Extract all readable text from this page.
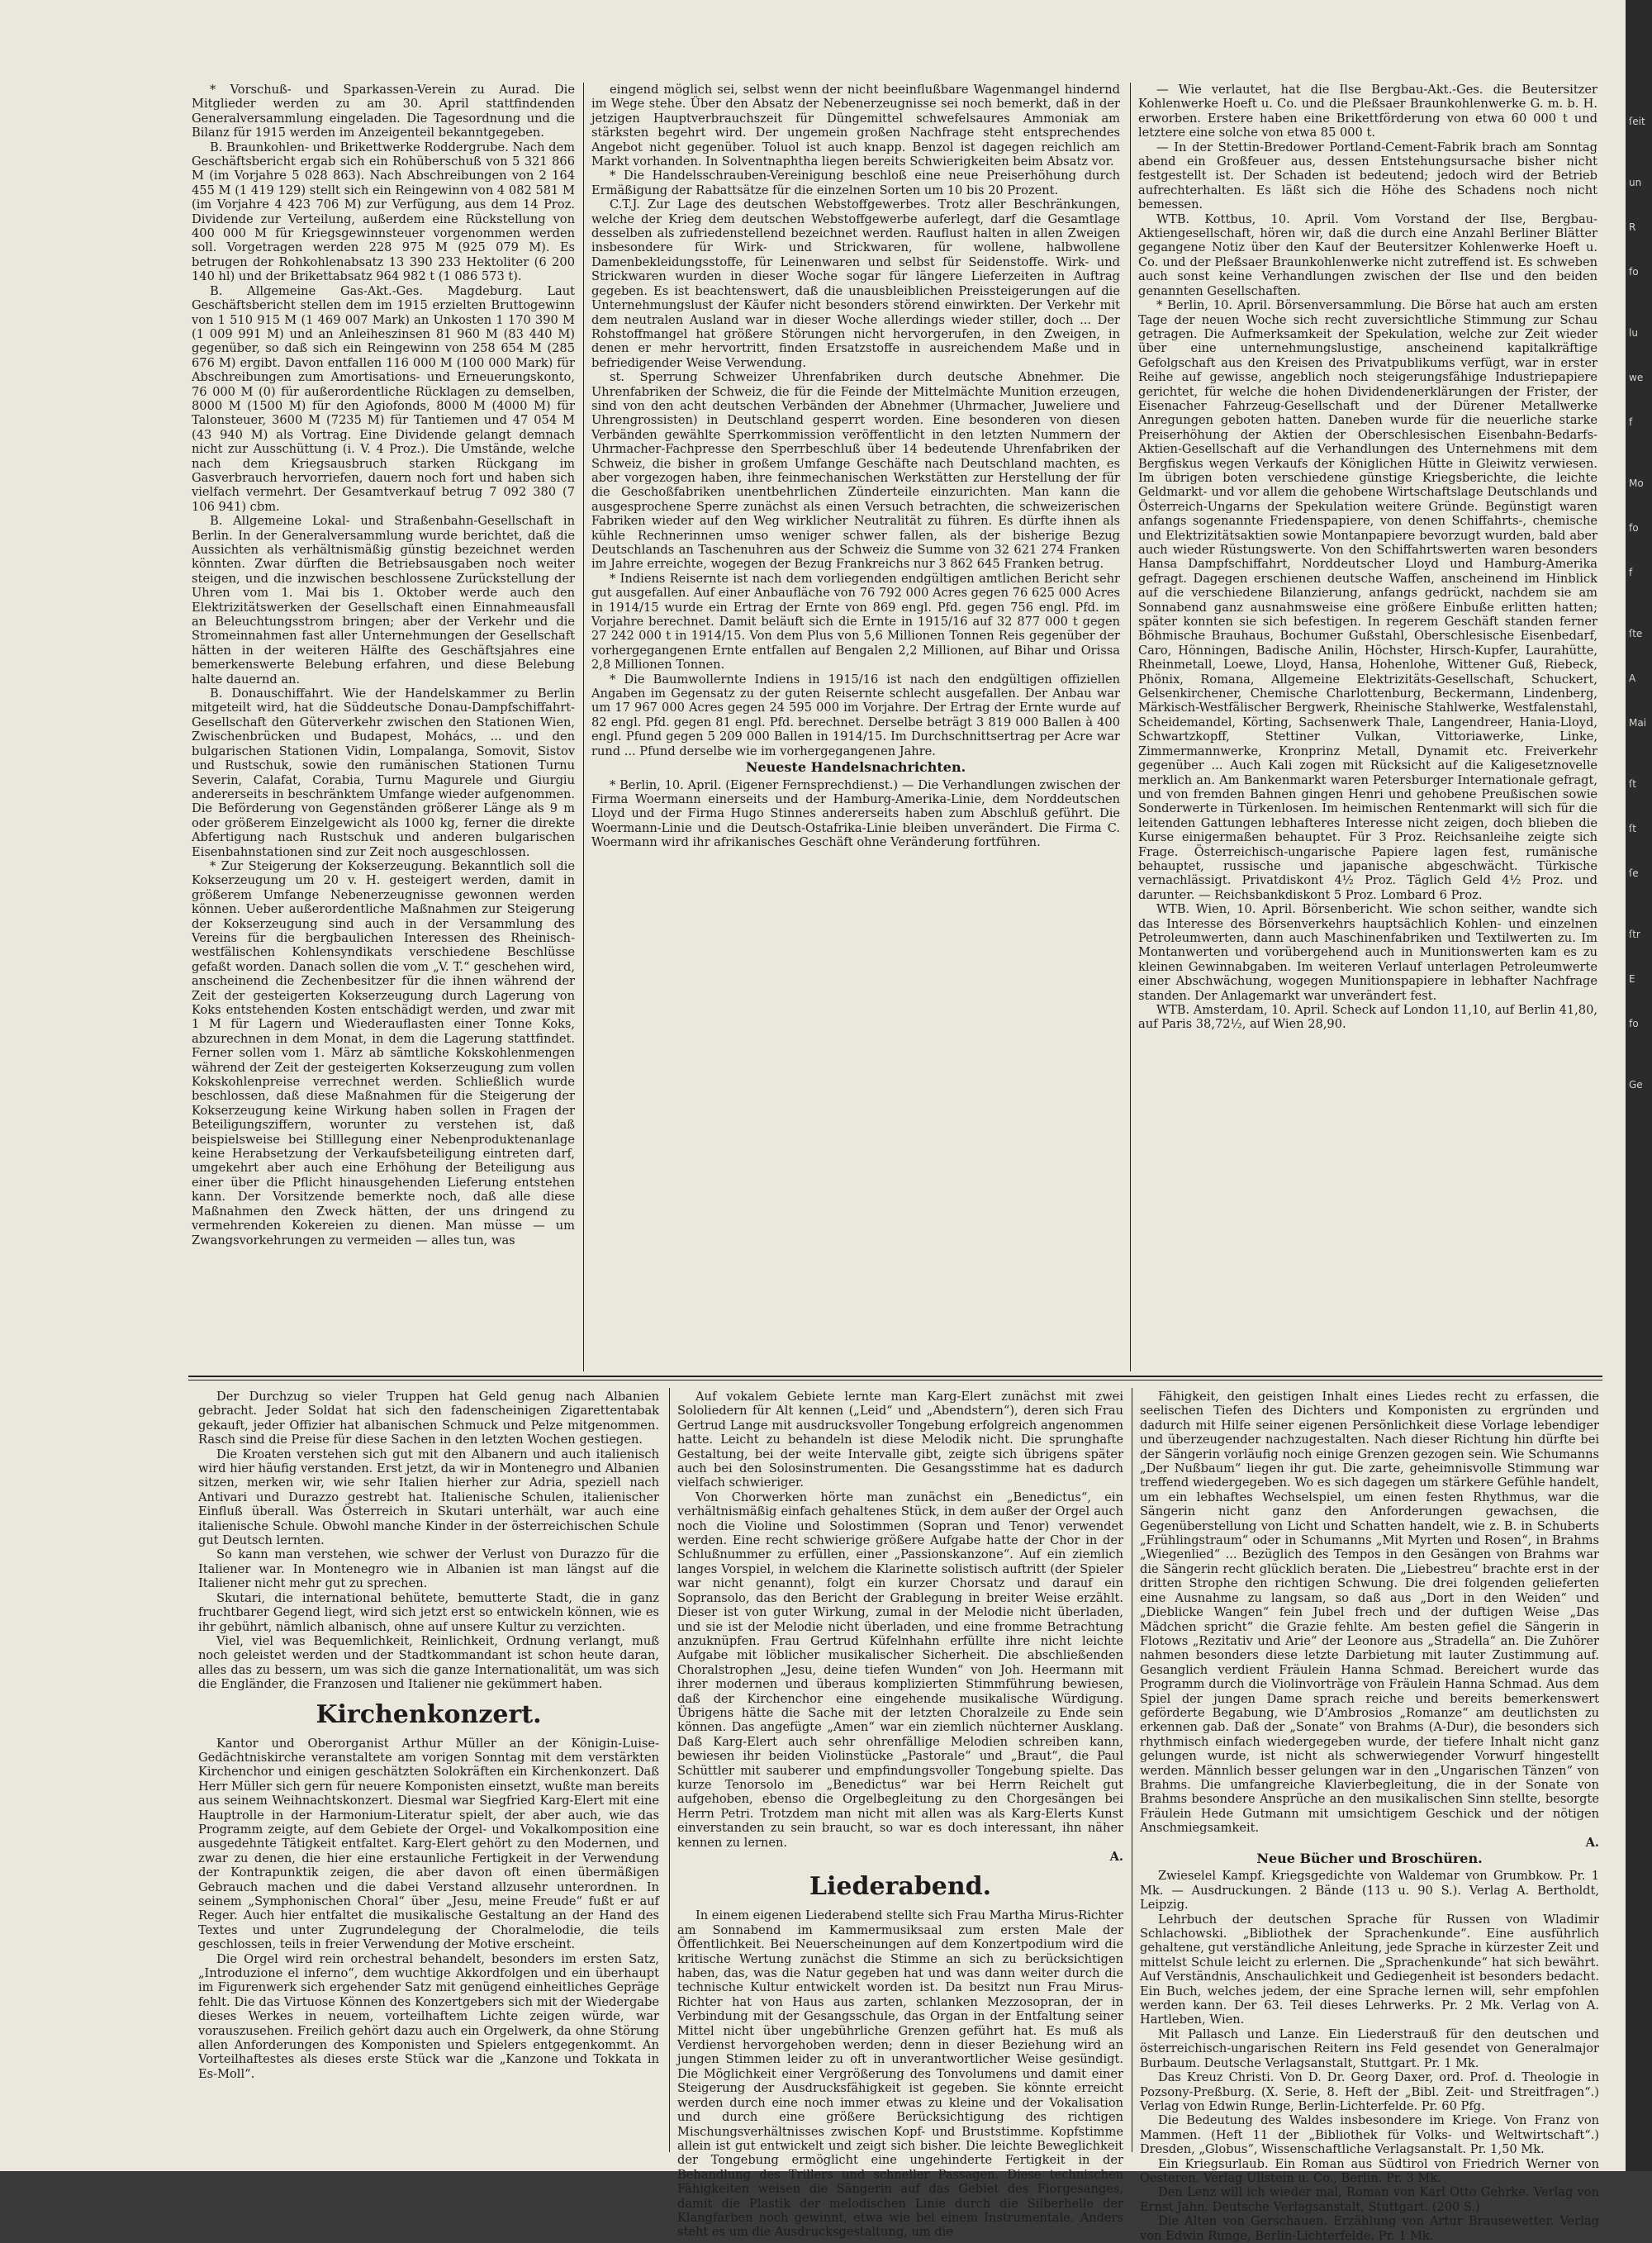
* Vorschuß- und Sparkassen-Verein zu Aurad. Die Mitglieder werden zu am 30. April stattfindenden Generalversammlung eingeladen. Die Tagesordnung und die Bilanz für 1915 werden im Anzeigenteil bekanntgegeben.

B. Braunkohlen- und Brikettwerke Roddergrube. Nach dem Geschäftsbericht ergab sich ein Rohüberschuß von 5 321 866 M (im Vorjahre 5 028 863). Nach Abschreibungen von 2 164 455 M (1 419 129) stellt sich ein Reingewinn von 4 082 581 M (im Vorjahre 4 423 706 M) zur Verfügung, aus dem 14 Proz. Dividende zur Verteilung, außerdem eine Rückstellung von 400 000 M für Kriegsgewinnsteuer vorgenommen werden soll. Vorgetragen werden 228 975 M (925 079 M). Es betrugen der Rohkohlenabsatz 13 390 233 Hektoliter (6 200 140 hl) und der Brikettabsatz 964 982 t (1 086 573 t).

B. Allgemeine Gas-Akt.-Ges. Magdeburg. Laut Geschäftsbericht stellen dem im 1915 erzielten Bruttogewinn von 1 510 915 M (1 469 007 Mark) an Unkosten 1 170 390 M (1 009 991 M) und an Anleiheszinsen 81 960 M (83 440 M) gegenüber, so daß sich ein Reingewinn von 258 654 M (285 676 M) ergibt. Davon entfallen 116 000 M (100 000 Mark) für Abschreibungen zum Amortisations- und Erneuerungskonto, 76 000 M (0) für außerordentliche Rücklagen zu demselben, 8000 M (1500 M) für den Agiofonds, 8000 M (4000 M) für Talonsteuer, 3600 M (7235 M) für Tantiemen und 47 054 M (43 940 M) als Vortrag. Eine Dividende gelangt demnach nicht zur Ausschüttung (i. V. 4 Proz.). Die Umstände, welche nach dem Kriegsausbruch starken Rückgang im Gasverbrauch hervorriefen, dauern noch fort und haben sich vielfach vermehrt. Der Gesamtverkauf betrug 7 092 380 (7 106 941) cbm.

B. Allgemeine Lokal- und Straßenbahn-Gesellschaft in Berlin. In der Generalversammlung wurde berichtet, daß die Aussichten als verhältnismäßig günstig bezeichnet werden könnten. Zwar dürften die Betriebsausgaben noch weiter steigen, und die inzwischen beschlossene Zurückstellung der Uhren vom 1. Mai bis 1. Oktober werde auch den Elektrizitätswerken der Gesellschaft einen Einnahmeausfall an Beleuchtungsstrom bringen; aber der Verkehr und die Stromeinnahmen fast aller Unternehmungen der Gesellschaft hätten in der weiteren Hälfte des Geschäftsjahres eine bemerkenswerte Belebung erfahren, und diese Belebung halte dauernd an.

B. Donauschiffahrt. Wie der Handelskammer zu Berlin mitgeteilt wird, hat die Süddeutsche Donau-Dampfschiffahrt-Gesellschaft den Güterverkehr zwischen den Stationen Wien, Zwischenbrücken und Budapest, Mohács, ... und den bulgarischen Stationen Vidin, Lompalanga, Somovit, Sistov und Rustschuk, sowie den rumänischen Stationen Turnu Severin, Calafat, Corabia, Turnu Magurele und Giurgiu andererseits in beschränktem Umfange wieder aufgenommen. Die Beförderung von Gegenständen größerer Länge als 9 m oder größerem Einzelgewicht als 1000 kg, ferner die direkte Abfertigung nach Rustschuk und anderen bulgarischen Eisenbahnstationen sind zur Zeit noch ausgeschlossen.

* Zur Steigerung der Kokserzeugung. Bekanntlich soll die Kokserzeugung um 20 v. H. gesteigert werden, damit in größerem Umfange Nebenerzeugnisse gewonnen werden können. Ueber außerordentliche Maßnahmen zur Steigerung der Kokserzeugung sind auch in der Versammlung des Vereins für die bergbaulichen Interessen des Rheinisch-westfälischen Kohlensyndikats verschiedene Beschlüsse gefaßt worden. Danach sollen die vom „V. T.“ geschehen wird, anscheinend die Zechenbesitzer für die ihnen während der Zeit der gesteigerten Kokserzeugung durch Lagerung von Koks entstehenden Kosten entschädigt werden, und zwar mit 1 M für Lagern und Wiederauflasten einer Tonne Koks, abzurechnen in dem Monat, in dem die Lagerung stattfindet. Ferner sollen vom 1. März ab sämtliche Kokskohlenmengen während der Zeit der gesteigerten Kokserzeugung zum vollen Kokskohlenpreise verrechnet werden. Schließlich wurde beschlossen, daß diese Maßnahmen für die Steigerung der Kokserzeugung keine Wirkung haben sollen in Fragen der Beteiligungsziffern, worunter zu verstehen ist, daß beispielsweise bei Stilllegung einer Nebenproduktenanlage keine Herabsetzung der Verkaufsbeteiligung eintreten darf, umgekehrt aber auch eine Erhöhung der Beteiligung aus einer über die Pflicht hinausgehenden Lieferung entstehen kann. Der Vorsitzende bemerkte noch, daß alle diese Maßnahmen den Zweck hätten, der uns dringend zu vermehrenden Kokereien zu dienen. Man müsse — um Zwangsvorkehrungen zu vermeiden — alles tun, was

eingend möglich sei, selbst wenn der nicht beeinflußbare Wagenmangel hindernd im Wege stehe. Über den Absatz der Nebenerzeugnisse sei noch bemerkt, daß in der jetzigen Hauptverbrauchszeit für Düngemittel schwefelsaures Ammoniak am stärksten begehrt wird. Der ungemein großen Nachfrage steht entsprechendes Angebot nicht gegenüber. Toluol ist auch knapp. Benzol ist dagegen reichlich am Markt vorhanden. In Solventnaphtha liegen bereits Schwierigkeiten beim Absatz vor.

* Die Handelsschrauben-Vereinigung beschloß eine neue Preiserhöhung durch Ermäßigung der Rabattsätze für die einzelnen Sorten um 10 bis 20 Prozent.

C.T.J. Zur Lage des deutschen Webstoffgewerbes. Trotz aller Beschränkungen, welche der Krieg dem deutschen Webstoffgewerbe auferlegt, darf die Gesamtlage desselben als zufriedenstellend bezeichnet werden. Rauflust halten in allen Zweigen insbesondere für Wirk- und Strickwaren, für wollene, halbwollene Damenbekleidungsstoffe, für Leinenwaren und selbst für Seidenstoffe. Wirk- und Strickwaren wurden in dieser Woche sogar für längere Lieferzeiten in Auftrag gegeben. Es ist beachtenswert, daß die unausbleiblichen Preissteigerungen auf die Unternehmungslust der Käufer nicht besonders störend einwirkten. Der Verkehr mit dem neutralen Ausland war in dieser Woche allerdings wieder stiller, doch ... Der Rohstoffmangel hat größere Störungen nicht hervorgerufen, in den Zweigen, in denen er mehr hervortritt, finden Ersatzstoffe in ausreichendem Maße und in befriedigender Weise Verwendung.

st. Sperrung Schweizer Uhrenfabriken durch deutsche Abnehmer. Die Uhrenfabriken der Schweiz, die für die Feinde der Mittelmächte Munition erzeugen, sind von den acht deutschen Verbänden der Abnehmer (Uhrmacher, Juweliere und Uhrengrossisten) in Deutschland gesperrt worden. Eine besonderen von diesen Verbänden gewählte Sperrkommission veröffentlicht in den letzten Nummern der Uhrmacher-Fachpresse den Sperrbeschluß über 14 bedeutende Uhrenfabriken der Schweiz, die bisher in großem Umfange Geschäfte nach Deutschland machten, es aber vorgezogen haben, ihre feinmechanischen Werkstätten zur Herstellung der für die Geschoßfabriken unentbehrlichen Zünderteile einzurichten. Man kann die ausgesprochene Sperre zunächst als einen Versuch betrachten, die schweizerischen Fabriken wieder auf den Weg wirklicher Neutralität zu führen. Es dürfte ihnen als kühle Rechnerinnen umso weniger schwer fallen, als der bisherige Bezug Deutschlands an Taschenuhren aus der Schweiz die Summe von 32 621 274 Franken im Jahre erreichte, wogegen der Bezug Frankreichs nur 3 862 645 Franken betrug.

* Indiens Reisernte ist nach dem vorliegenden endgültigen amtlichen Bericht sehr gut ausgefallen. Auf einer Anbaufläche von 76 792 000 Acres gegen 76 625 000 Acres in 1914/15 wurde ein Ertrag der Ernte von 869 engl. Pfd. gegen 756 engl. Pfd. im Vorjahre berechnet. Damit beläuft sich die Ernte in 1915/16 auf 32 877 000 t gegen 27 242 000 t in 1914/15. Von dem Plus von 5,6 Millionen Tonnen Reis gegenüber der vorhergegangenen Ernte entfallen auf Bengalen 2,2 Millionen, auf Bihar und Orissa 2,8 Millionen Tonnen.

* Die Baumwollernte Indiens in 1915/16 ist nach den endgültigen offiziellen Angaben im Gegensatz zu der guten Reisernte schlecht ausgefallen. Der Anbau war um 17 967 000 Acres gegen 24 595 000 im Vorjahre. Der Ertrag der Ernte wurde auf 82 engl. Pfd. gegen 81 engl. Pfd. berechnet. Derselbe beträgt 3 819 000 Ballen à 400 engl. Pfund gegen 5 209 000 Ballen in 1914/15. Im Durchschnittsertrag per Acre war rund ... Pfund derselbe wie im vorhergegangenen Jahre.

Neueste Handelsnachrichten.

* Berlin, 10. April. (Eigener Fernsprechdienst.) — Die Verhandlungen zwischen der Firma Woermann einerseits und der Hamburg-Amerika-Linie, dem Norddeutschen Lloyd und der Firma Hugo Stinnes andererseits haben zum Abschluß geführt. Die Woermann-Linie und die Deutsch-Ostafrika-Linie bleiben unverändert. Die Firma C. Woermann wird ihr afrikanisches Geschäft ohne Veränderung fortführen.

— Wie verlautet, hat die Ilse Bergbau-Akt.-Ges. die Beutersitzer Kohlenwerke Hoeft u. Co. und die Pleßsaer Braunkohlenwerke G. m. b. H. erworben. Erstere haben eine Brikettförderung von etwa 60 000 t und letztere eine solche von etwa 85 000 t.

— In der Stettin-Bredower Portland-Cement-Fabrik brach am Sonntag abend ein Großfeuer aus, dessen Entstehungsursache bisher nicht festgestellt ist. Der Schaden ist bedeutend; jedoch wird der Betrieb aufrechterhalten. Es läßt sich die Höhe des Schadens noch nicht bemessen.

WTB. Kottbus, 10. April. Vom Vorstand der Ilse, Bergbau-Aktiengesellschaft, hören wir, daß die durch eine Anzahl Berliner Blätter gegangene Notiz über den Kauf der Beutersitzer Kohlenwerke Hoeft u. Co. und der Pleßsaer Braunkohlenwerke nicht zutreffend ist. Es schweben auch sonst keine Verhandlungen zwischen der Ilse und den beiden genannten Gesellschaften.

* Berlin, 10. April. Börsenversammlung. Die Börse hat auch am ersten Tage der neuen Woche sich recht zuversichtliche Stimmung zur Schau getragen. Die Aufmerksamkeit der Spekulation, welche zur Zeit wieder über eine unternehmungslustige, anscheinend kapitalkräftige Gefolgschaft aus den Kreisen des Privatpublikums verfügt, war in erster Reihe auf gewisse, angeblich noch steigerungsfähige Industriepapiere gerichtet, für welche die hohen Dividendenerklärungen der Frister, der Eisenacher Fahrzeug-Gesellschaft und der Dürener Metallwerke Anregungen geboten hatten. Daneben wurde für die neuerliche starke Preiserhöhung der Aktien der Oberschlesischen Eisenbahn-Bedarfs-Aktien-Gesellschaft auf die Verhandlungen des Unternehmens mit dem Bergfiskus wegen Verkaufs der Königlichen Hütte in Gleiwitz verwiesen. Im übrigen boten verschiedene günstige Kriegsberichte, die leichte Geldmarkt- und vor allem die gehobene Wirtschaftslage Deutschlands und Österreich-Ungarns der Spekulation weitere Gründe. Begünstigt waren anfangs sogenannte Friedenspapiere, von denen Schiffahrts-, chemische und Elektrizitätsaktien sowie Montanpapiere bevorzugt wurden, bald aber auch wieder Rüstungswerte. Von den Schiffahrtswerten waren besonders Hansa Dampfschiffahrt, Norddeutscher Lloyd und Hamburg-Amerika gefragt. Dagegen erschienen deutsche Waffen, anscheinend im Hinblick auf die verschiedene Bilanzierung, anfangs gedrückt, nachdem sie am Sonnabend ganz ausnahmsweise eine größere Einbuße erlitten hatten; später konnten sie sich befestigen. In regerem Geschäft standen ferner Böhmische Brauhaus, Bochumer Gußstahl, Oberschlesische Eisenbedarf, Caro, Hönningen, Badische Anilin, Höchster, Hirsch-Kupfer, Laurahütte, Rheinmetall, Loewe, Lloyd, Hansa, Hohenlohe, Wittener Guß, Riebeck, Phönix, Romana, Allgemeine Elektrizitäts-Gesellschaft, Schuckert, Gelsenkirchener, Chemische Charlottenburg, Beckermann, Lindenberg, Märkisch-Westfälischer Bergwerk, Rheinische Stahlwerke, Westfalenstahl, Scheidemandel, Körting, Sachsenwerk Thale, Langendreer, Hania-Lloyd, Schwartzkopff, Stettiner Vulkan, Vittoriawerke, Linke, Zimmermannwerke, Kronprinz Metall, Dynamit etc. Freiverkehr gegenüber ... Auch Kali zogen mit Rücksicht auf die Kaligesetznovelle merklich an. Am Bankenmarkt waren Petersburger Internationale gefragt, und von fremden Bahnen gingen Henri und gehobene Preußischen sowie Sonderwerte in Türkenlosen. Im heimischen Rentenmarkt will sich für die leitenden Gattungen lebhafteres Interesse nicht zeigen, doch blieben die Kurse einigermaßen behauptet. Für 3 Proz. Reichsanleihe zeigte sich Frage. Österreichisch-ungarische Papiere lagen fest, rumänische behauptet, russische und japanische abgeschwächt. Türkische vernachlässigt. Privatdiskont 4½ Proz. Täglich Geld 4½ Proz. und darunter. — Reichsbankdiskont 5 Proz. Lombard 6 Proz.

WTB. Wien, 10. April. Börsenbericht. Wie schon seither, wandte sich das Interesse des Börsenverkehrs hauptsächlich Kohlen- und einzelnen Petroleumwerten, dann auch Maschinenfabriken und Textilwerten zu. Im Montanwerten und vorübergehend auch in Munitionswerten kam es zu kleinen Gewinnabgaben. Im weiteren Verlauf unterlagen Petroleumwerte einer Abschwächung, wogegen Munitionspapiere in lebhafter Nachfrage standen. Der Anlagemarkt war unverändert fest.

WTB. Amsterdam, 10. April. Scheck auf London 11,10, auf Berlin 41,80, auf Paris 38,72½, auf Wien 28,90.

Der Durchzug so vieler Truppen hat Geld genug nach Albanien gebracht. Jeder Soldat hat sich den fadenscheinigen Zigarettentabak gekauft, jeder Offizier hat albanischen Schmuck und Pelze mitgenommen. Rasch sind die Preise für diese Sachen in den letzten Wochen gestiegen.

Die Kroaten verstehen sich gut mit den Albanern und auch italienisch wird hier häufig verstanden. Erst jetzt, da wir in Montenegro und Albanien sitzen, merken wir, wie sehr Italien hierher zur Adria, speziell nach Antivari und Durazzo gestrebt hat. Italienische Schulen, italienischer Einfluß überall. Was Österreich in Skutari unterhält, war auch eine italienische Schule. Obwohl manche Kinder in der österreichischen Schule gut Deutsch lernten.

So kann man verstehen, wie schwer der Verlust von Durazzo für die Italiener war. In Montenegro wie in Albanien ist man längst auf die Italiener nicht mehr gut zu sprechen.

Skutari, die international behütete, bemutterte Stadt, die in ganz fruchtbarer Gegend liegt, wird sich jetzt erst so entwickeln können, wie es ihr gebührt, nämlich albanisch, ohne auf unsere Kultur zu verzichten.

Viel, viel was Bequemlichkeit, Reinlichkeit, Ordnung verlangt, muß noch geleistet werden und der Stadtkommandant ist schon heute daran, alles das zu bessern, um was sich die ganze Internationalität, um was sich die Engländer, die Franzosen und Italiener nie gekümmert haben.

Kirchenkonzert.

Kantor und Oberorganist Arthur Müller an der Königin-Luise-Gedächtniskirche veranstaltete am vorigen Sonntag mit dem verstärkten Kirchenchor und einigen geschätzten Solokräften ein Kirchenkonzert. Daß Herr Müller sich gern für neuere Komponisten einsetzt, wußte man bereits aus seinem Weihnachtskonzert. Diesmal war Siegfried Karg-Elert mit eine Hauptrolle in der Harmonium-Literatur spielt, der aber auch, wie das Programm zeigte, auf dem Gebiete der Orgel- und Vokalkomposition eine ausgedehnte Tätigkeit entfaltet. Karg-Elert gehört zu den Modernen, und zwar zu denen, die hier eine erstaunliche Fertigkeit in der Verwendung der Kontrapunktik zeigen, die aber davon oft einen übermäßigen Gebrauch machen und die dabei Verstand allzusehr unterordnen. In seinem „Symphonischen Choral“ über „Jesu, meine Freude“ fußt er auf Reger. Auch hier entfaltet die musikalische Gestaltung an der Hand des Textes und unter Zugrundelegung der Choralmelodie, die teils geschlossen, teils in freier Verwendung der Motive erscheint.

Die Orgel wird rein orchestral behandelt, besonders im ersten Satz, „Introduzione el inferno“, dem wuchtige Akkordfolgen und ein überhaupt im Figurenwerk sich ergehender Satz mit genügend einheitliches Gepräge fehlt. Die das Virtuose Können des Konzertgebers sich mit der Wiedergabe dieses Werkes in neuem, vorteilhaftem Lichte zeigen würde, war vorauszusehen. Freilich gehört dazu auch ein Orgelwerk, da ohne Störung allen Anforderungen des Komponisten und Spielers entgegenkommt. An Vorteilhaftestes als dieses erste Stück war die „Kanzone und Tokkata in Es-Moll“.

Auf vokalem Gebiete lernte man Karg-Elert zunächst mit zwei Sololiedern für Alt kennen („Leid“ und „Abendstern“), deren sich Frau Gertrud Lange mit ausdrucksvoller Tongebung erfolgreich angenommen hatte. Leicht zu behandeln ist diese Melodik nicht. Die sprunghafte Gestaltung, bei der weite Intervalle gibt, zeigte sich übrigens später auch bei den Solosinstrumenten. Die Gesangsstimme hat es dadurch vielfach schwieriger.

Von Chorwerken hörte man zunächst ein „Benedictus“, ein verhältnismäßig einfach gehaltenes Stück, in dem außer der Orgel auch noch die Violine und Solostimmen (Sopran und Tenor) verwendet werden. Eine recht schwierige größere Aufgabe hatte der Chor in der Schlußnummer zu erfüllen, einer „Passionskanzone“. Auf ein ziemlich langes Vorspiel, in welchem die Klarinette solistisch auftritt (der Spieler war nicht genannt), folgt ein kurzer Chorsatz und darauf ein Sopransolo, das den Bericht der Grablegung in breiter Weise erzählt. Dieser ist von guter Wirkung, zumal in der Melodie nicht überladen, und sie ist der Melodie nicht überladen, und eine fromme Betrachtung anzuknüpfen. Frau Gertrud Küfelnhahn erfüllte ihre nicht leichte Aufgabe mit löblicher musikalischer Sicherheit. Die abschließenden Choralstrophen „Jesu, deine tiefen Wunden“ von Joh. Heermann mit ihrer modernen und überaus komplizierten Stimmführung bewiesen, daß der Kirchenchor eine eingehende musikalische Würdigung. Übrigens hätte die Sache mit der letzten Choralzeile zu Ende sein können. Das angefügte „Amen“ war ein ziemlich nüchterner Ausklang. Daß Karg-Elert auch sehr ohrenfällige Melodien schreiben kann, bewiesen ihr beiden Violinstücke „Pastorale“ und „Braut“, die Paul Schüttler mit sauberer und empfindungsvoller Tongebung spielte. Das kurze Tenorsolo im „Benedictus“ war bei Herrn Reichelt gut aufgehoben, ebenso die Orgelbegleitung zu den Chorgesängen bei Herrn Petri. Trotzdem man nicht mit allen was als Karg-Elerts Kunst einverstanden zu sein braucht, so war es doch interessant, ihn näher kennen zu lernen.

A.

Liederabend.

In einem eigenen Liederabend stellte sich Frau Martha Mirus-Richter am Sonnabend im Kammermusiksaal zum ersten Male der Öffentlichkeit. Bei Neuerscheinungen auf dem Konzertpodium wird die kritische Wertung zunächst die Stimme an sich zu berücksichtigen haben, das, was die Natur gegeben hat und was dann weiter durch die technische Kultur entwickelt worden ist. Da besitzt nun Frau Mirus-Richter hat von Haus aus zarten, schlanken Mezzosopran, der in Verbindung mit der Gesangsschule, das Organ in der Entfaltung seiner Mittel nicht über ungebührliche Grenzen geführt hat. Es muß als Verdienst hervorgehoben werden; denn in dieser Beziehung wird an jungen Stimmen leider zu oft in unverantwortlicher Weise gesündigt. Die Möglichkeit einer Vergrößerung des Tonvolumens und damit einer Steigerung der Ausdrucksfähigkeit ist gegeben. Sie könnte erreicht werden durch eine noch immer etwas zu kleine und der Vokalisation und durch eine größere Berücksichtigung des richtigen Mischungsverhältnisses zwischen Kopf- und Bruststimme. Kopfstimme allein ist gut entwickelt und zeigt sich bisher. Die leichte Beweglichkeit der Tongebung ermöglicht eine ungehinderte Fertigkeit in der Behandlung des Trillers und schneller Passagen. Diese technischen Fähigkeiten weisen die Sängerin auf das Gebiet des Fiorgesanges, damit die Plastik der melodischen Linie durch die Silberhelle der Klangfarben noch gewinnt, etwa wie bei einem Instrumentale. Anders steht es um die Ausdrucksgestaltung, um die

Fähigkeit, den geistigen Inhalt eines Liedes recht zu erfassen, die seelischen Tiefen des Dichters und Komponisten zu ergründen und dadurch mit Hilfe seiner eigenen Persönlichkeit diese Vorlage lebendiger und überzeugender nachzugestalten. Nach dieser Richtung hin dürfte bei der Sängerin vorläufig noch einige Grenzen gezogen sein. Wie Schumanns „Der Nußbaum“ liegen ihr gut. Die zarte, geheimnisvolle Stimmung war treffend wiedergegeben. Wo es sich dagegen um stärkere Gefühle handelt, um ein lebhaftes Wechselspiel, um einen festen Rhythmus, war die Sängerin nicht ganz den Anforderungen gewachsen, die Gegenüberstellung von Licht und Schatten handelt, wie z. B. in Schuberts „Frühlingstraum“ oder in Schumanns „Mit Myrten und Rosen“, in Brahms „Wiegenlied“ ... Bezüglich des Tempos in den Gesängen von Brahms war die Sängerin recht glücklich beraten. Die „Liebestreu“ brachte erst in der dritten Strophe den richtigen Schwung. Die drei folgenden gelieferten eine Ausnahme zu langsam, so daß aus „Dort in den Weiden“ und „Dieblicke Wangen“ fein Jubel frech und der duftigen Weise „Das Mädchen spricht“ die Grazie fehlte. Am besten gefiel die Sängerin in Flotows „Rezitativ und Arie“ der Leonore aus „Stradella“ an. Die Zuhörer nahmen besonders diese letzte Darbietung mit lauter Zustimmung auf. Gesanglich verdient Fräulein Hanna Schmad. Bereichert wurde das Programm durch die Violinvorträge von Fräulein Hanna Schmad. Aus dem Spiel der jungen Dame sprach reiche und bereits bemerkenswert geförderte Begabung, wie D’Ambrosios „Romanze“ am deutlichsten zu erkennen gab. Daß der „Sonate“ von Brahms (A-Dur), die besonders sich rhythmisch einfach wiedergegeben wurde, der tiefere Inhalt nicht ganz gelungen wurde, ist nicht als schwerwiegender Vorwurf hingestellt werden. Männlich besser gelungen war in den „Ungarischen Tänzen“ von Brahms. Die umfangreiche Klavierbegleitung, die in der Sonate von Brahms besondere Ansprüche an den musikalischen Sinn stellte, besorgte Fräulein Hede Gutmann mit umsichtigem Geschick und der nötigen Anschmiegsamkeit.

A.

Neue Bücher und Broschüren.

Zwieselel Kampf. Kriegsgedichte von Waldemar von Grumbkow. Pr. 1 Mk. — Ausdruckungen. 2 Bände (113 u. 90 S.). Verlag A. Bertholdt, Leipzig.

Lehrbuch der deutschen Sprache für Russen von Wladimir Schlachowski. „Bibliothek der Sprachenkunde“. Eine ausführlich gehaltene, gut verständliche Anleitung, jede Sprache in kürzester Zeit und mittelst Schule leicht zu erlernen. Die „Sprachenkunde“ hat sich bewährt. Auf Verständnis, Anschaulichkeit und Gediegenheit ist besonders bedacht. Ein Buch, welches jedem, der eine Sprache lernen will, sehr empfohlen werden kann. Der 63. Teil dieses Lehrwerks. Pr. 2 Mk. Verlag von A. Hartleben, Wien.

Mit Pallasch und Lanze. Ein Liederstrauß für den deutschen und österreichisch-ungarischen Reitern ins Feld gesendet von Generalmajor Burbaum. Deutsche Verlagsanstalt, Stuttgart. Pr. 1 Mk.

Das Kreuz Christi. Von D. Dr. Georg Daxer, ord. Prof. d. Theologie in Pozsony-Preßburg. (X. Serie, 8. Heft der „Bibl. Zeit- und Streitfragen“.) Verlag von Edwin Runge, Berlin-Lichterfelde. Pr. 60 Pfg.

Die Bedeutung des Waldes insbesondere im Kriege. Von Franz von Mammen. (Heft 11 der „Bibliothek für Volks- und Weltwirtschaft“.) Dresden, „Globus“, Wissenschaftliche Verlagsanstalt. Pr. 1,50 Mk.

Ein Kriegsurlaub. Ein Roman aus Südtirol von Friedrich Werner von Oesteren. Verlag Ullstein u. Co., Berlin. Pr. 3 Mk.

Den Lenz will ich wieder mal, Roman von Karl Otto Gehrke. Verlag von Ernst Jahn. Deutsche Verlagsanstalt, Stuttgart. (200 S.)

Die Alten von Gerschauen. Erzählung von Artur Brausewetter. Verlag von Edwin Runge, Berlin-Lichterfelde. Pr. 1 Mk.

ſeit
un
R
fo
lu
we
f
Mo
fo
f
ſte
A
Mai
ſt
ſt
ſe
ſtr
E
fo
Ge
